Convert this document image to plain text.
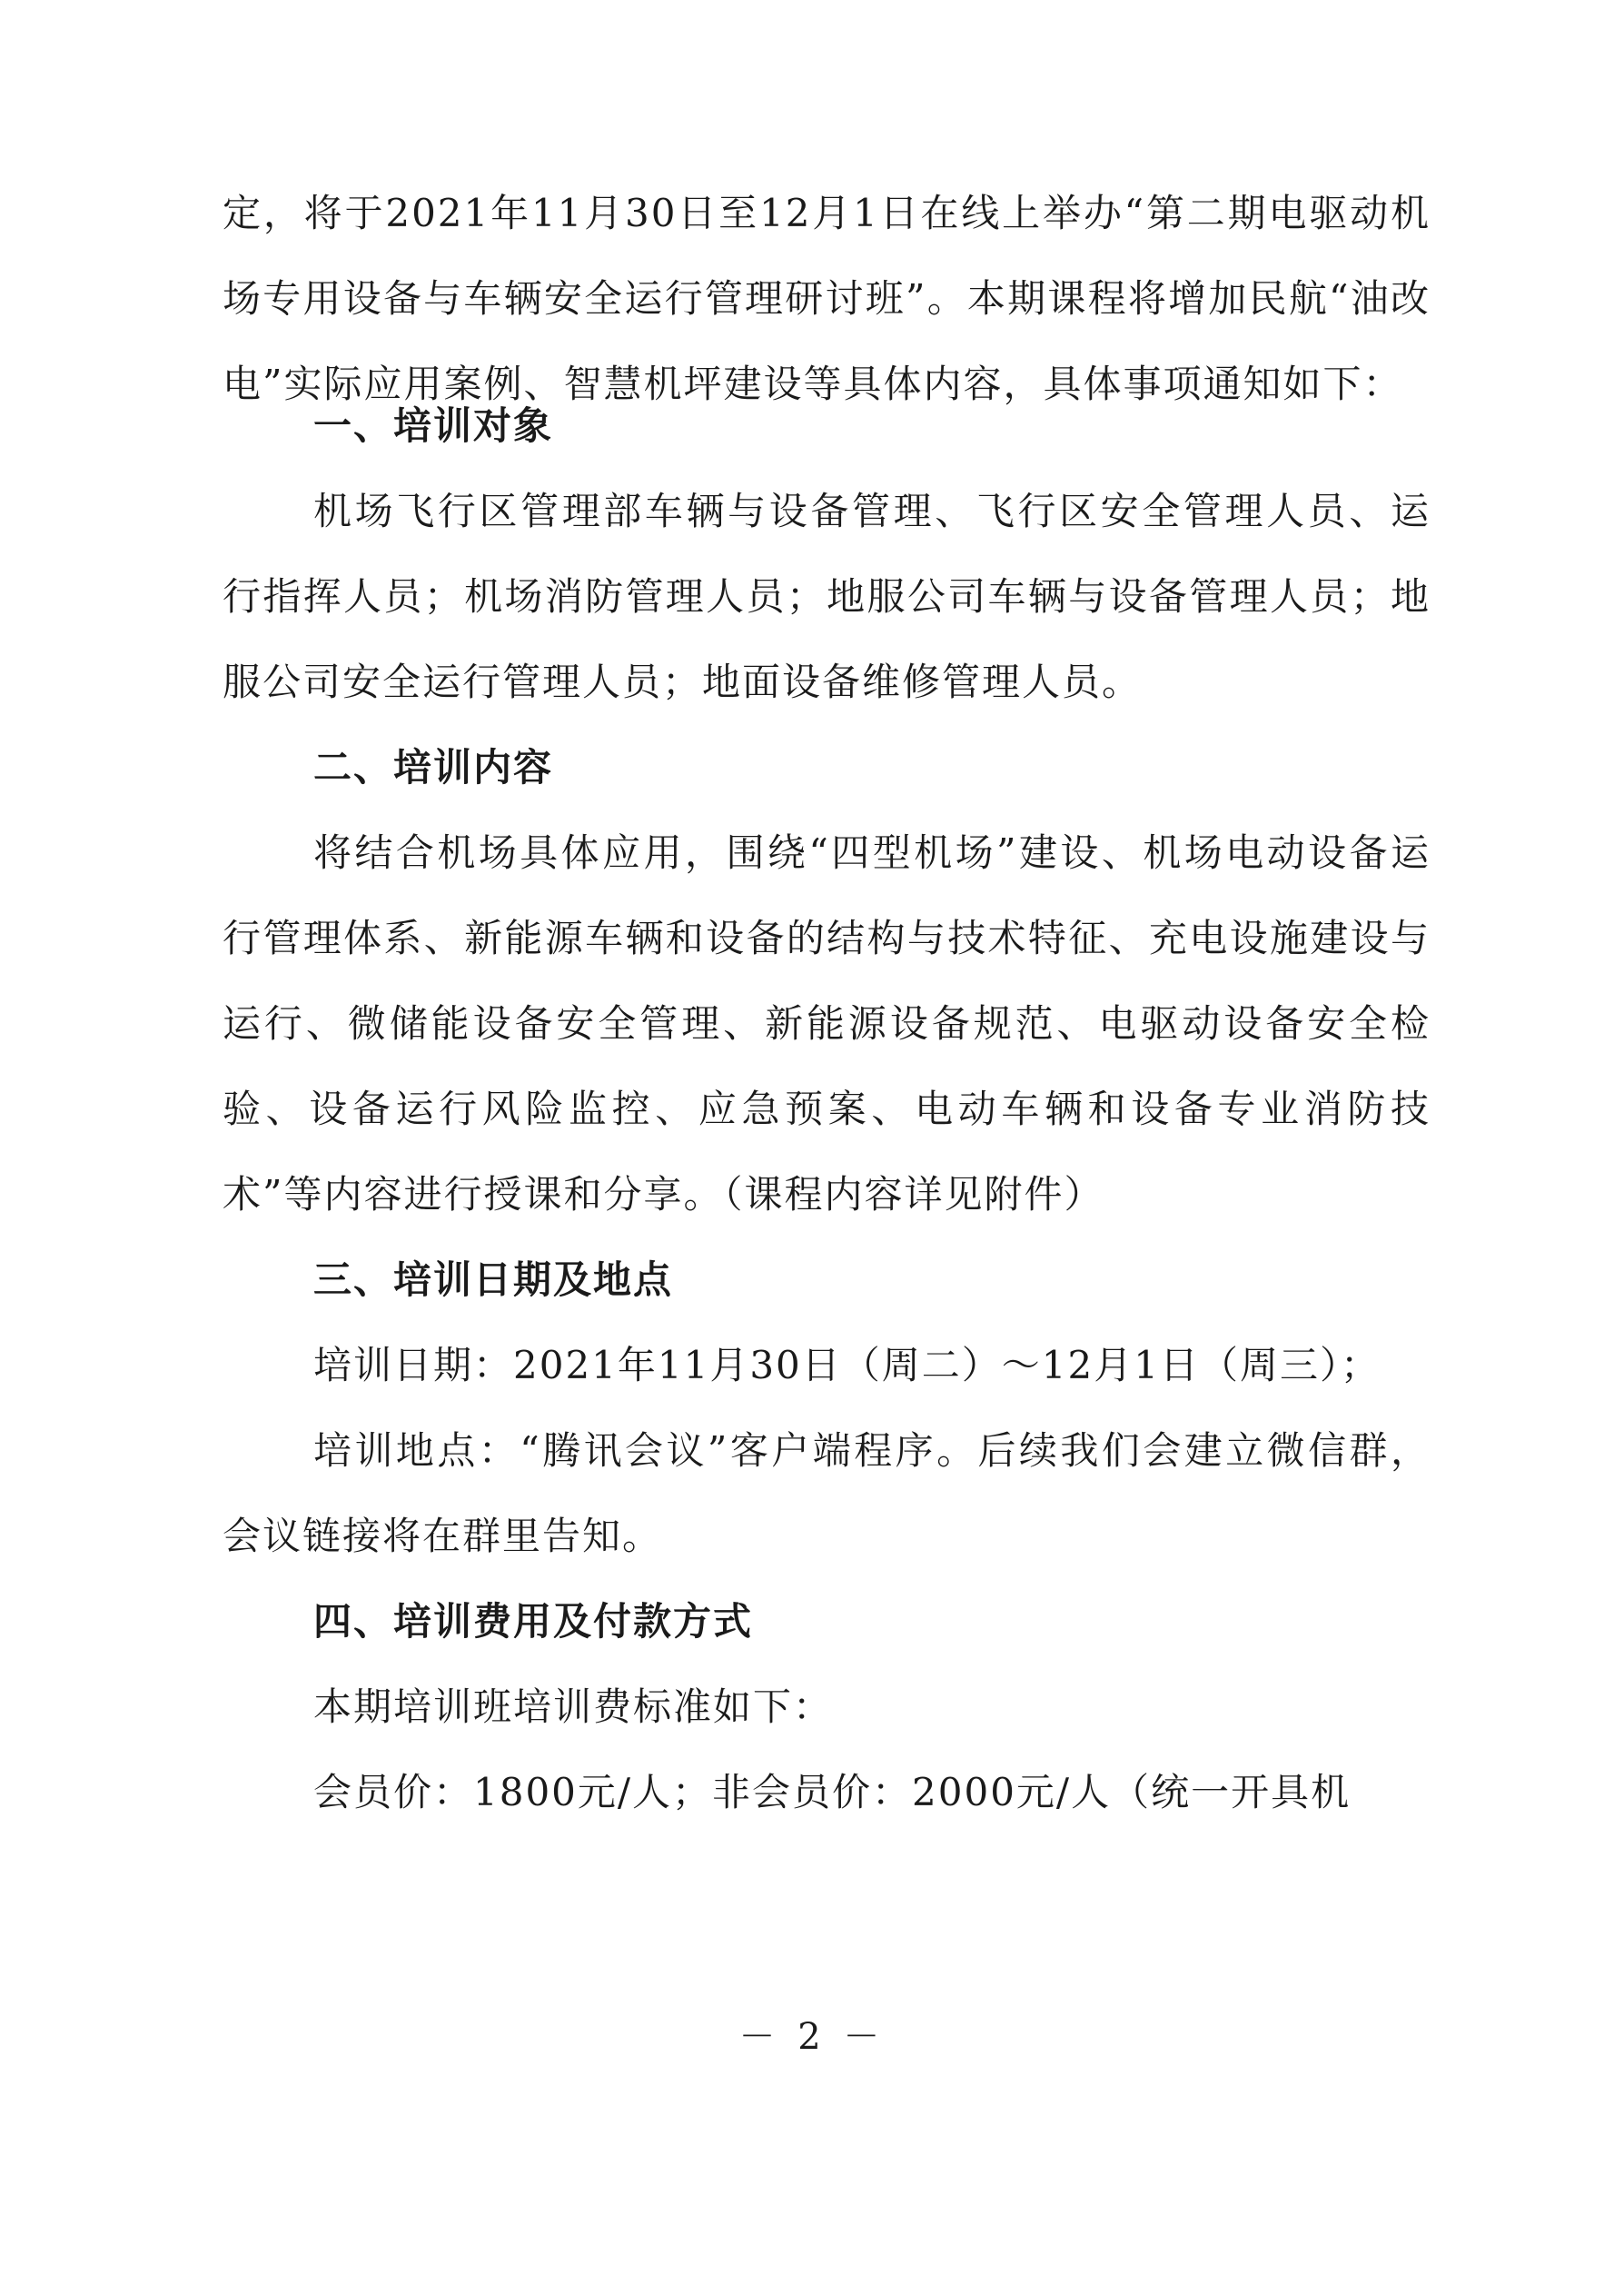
定，将于2021年11月30日至12月1日在线上举办“第二期电驱动机场专用设备与车辆安全运行管理研讨班”。本期课程将增加民航“油改电”实际应用案例、智慧机坪建设等具体内容，具体事项通知如下：

一、培训对象

机场飞行区管理部车辆与设备管理、飞行区安全管理人员、运行指挥人员；机场消防管理人员；地服公司车辆与设备管理人员；地服公司安全运行管理人员；地面设备维修管理人员。

二、培训内容

将结合机场具体应用，围绕“四型机场”建设、机场电动设备运行管理体系、新能源车辆和设备的结构与技术特征、充电设施建设与运行、微储能设备安全管理、新能源设备规范、电驱动设备安全检验、设备运行风险监控、应急预案、电动车辆和设备专业消防技术”等内容进行授课和分享。（课程内容详见附件）

三、培训日期及地点

培训日期：2021年11月30日（周二）～12月1日（周三）；

培训地点：“腾讯会议”客户端程序。后续我们会建立微信群，会议链接将在群里告知。

四、培训费用及付款方式

本期培训班培训费标准如下：

会员价：1800元/人；非会员价：2000元/人（统一开具机

－ 2 －
